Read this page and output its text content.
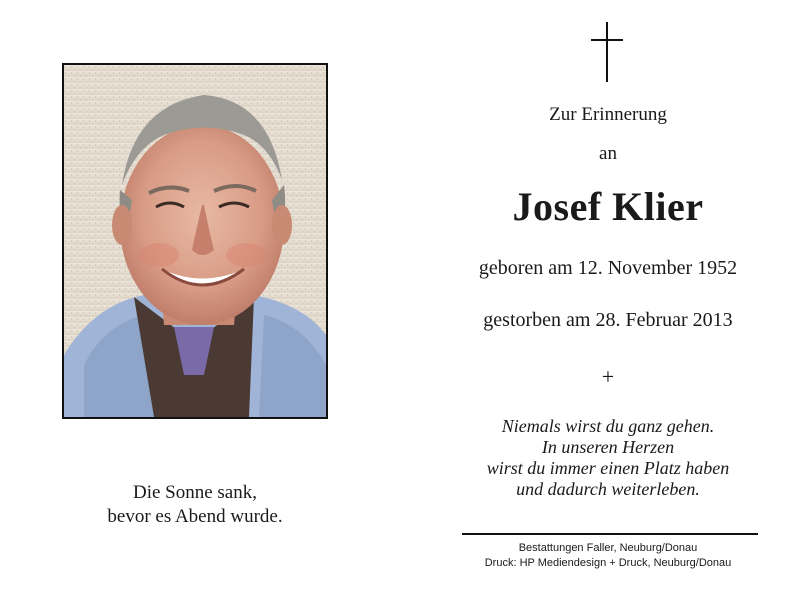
Die Sonne sank,
bevor es Abend wurde.
Zur Erinnerung
an
Josef Klier
geboren am 12. November 1952
gestorben am 28. Februar 2013
+
Niemals wirst du ganz gehen.
In unseren Herzen
wirst du immer einen Platz haben
und dadurch weiterleben.
Bestattungen Faller, Neuburg/Donau
Druck: HP Mediendesign + Druck, Neuburg/Donau
